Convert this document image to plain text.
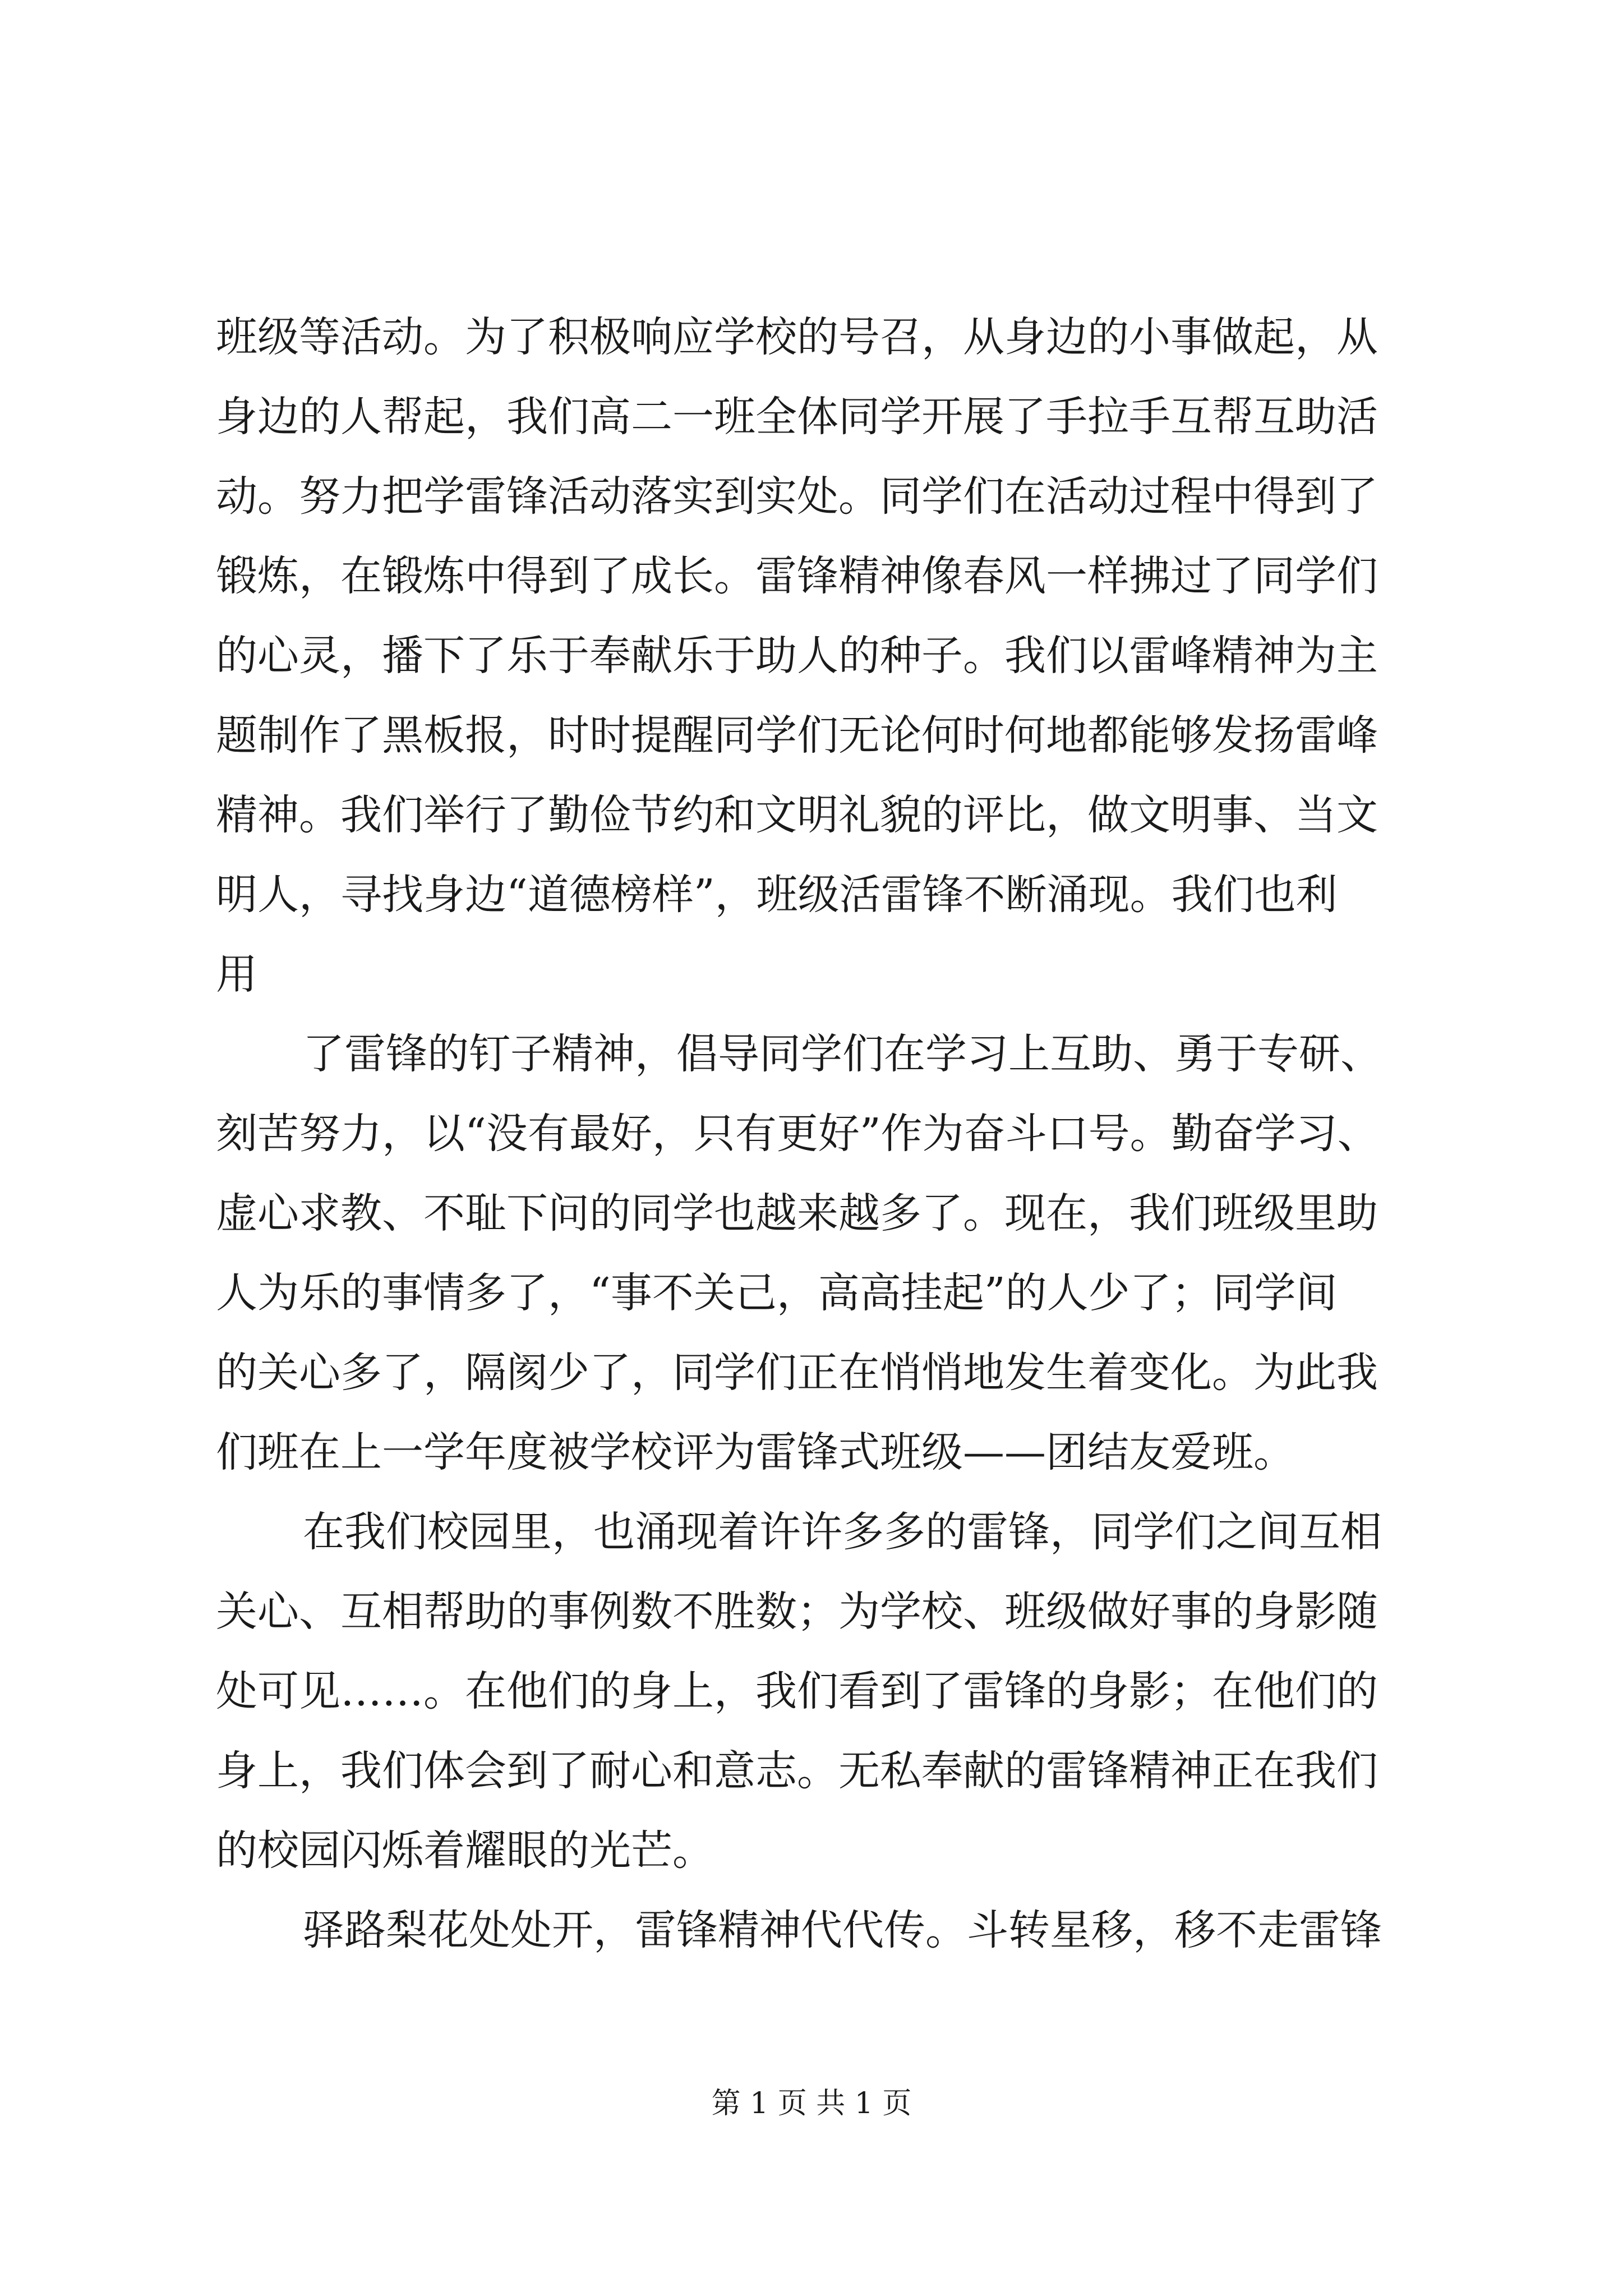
班级等活动。为了积极响应学校的号召，从身边的小事做起，从
身边的人帮起，我们高二一班全体同学开展了手拉手互帮互助活
动。努力把学雷锋活动落实到实处。同学们在活动过程中得到了
锻炼，在锻炼中得到了成长。雷锋精神像春风一样拂过了同学们
的心灵，播下了乐于奉献乐于助人的种子。我们以雷峰精神为主
题制作了黑板报，时时提醒同学们无论何时何地都能够发扬雷峰
精神。我们举行了勤俭节约和文明礼貌的评比，做文明事、当文
明人，寻找身边“道德榜样”，班级活雷锋不断涌现。我们也利
用
了雷锋的钉子精神，倡导同学们在学习上互助、勇于专研、
刻苦努力，以“没有最好，只有更好”作为奋斗口号。勤奋学习、
虚心求教、不耻下问的同学也越来越多了。现在，我们班级里助
人为乐的事情多了，“事不关己，高高挂起”的人少了；同学间
的关心多了，隔阂少了，同学们正在悄悄地发生着变化。为此我
们班在上一学年度被学校评为雷锋式班级——团结友爱班。
在我们校园里，也涌现着许许多多的雷锋，同学们之间互相
关心、互相帮助的事例数不胜数；为学校、班级做好事的身影随
处可见……。在他们的身上，我们看到了雷锋的身影；在他们的
身上，我们体会到了耐心和意志。无私奉献的雷锋精神正在我们
的校园闪烁着耀眼的光芒。
驿路梨花处处开，雷锋精神代代传。斗转星移，移不走雷锋
第 1 页 共 1 页
